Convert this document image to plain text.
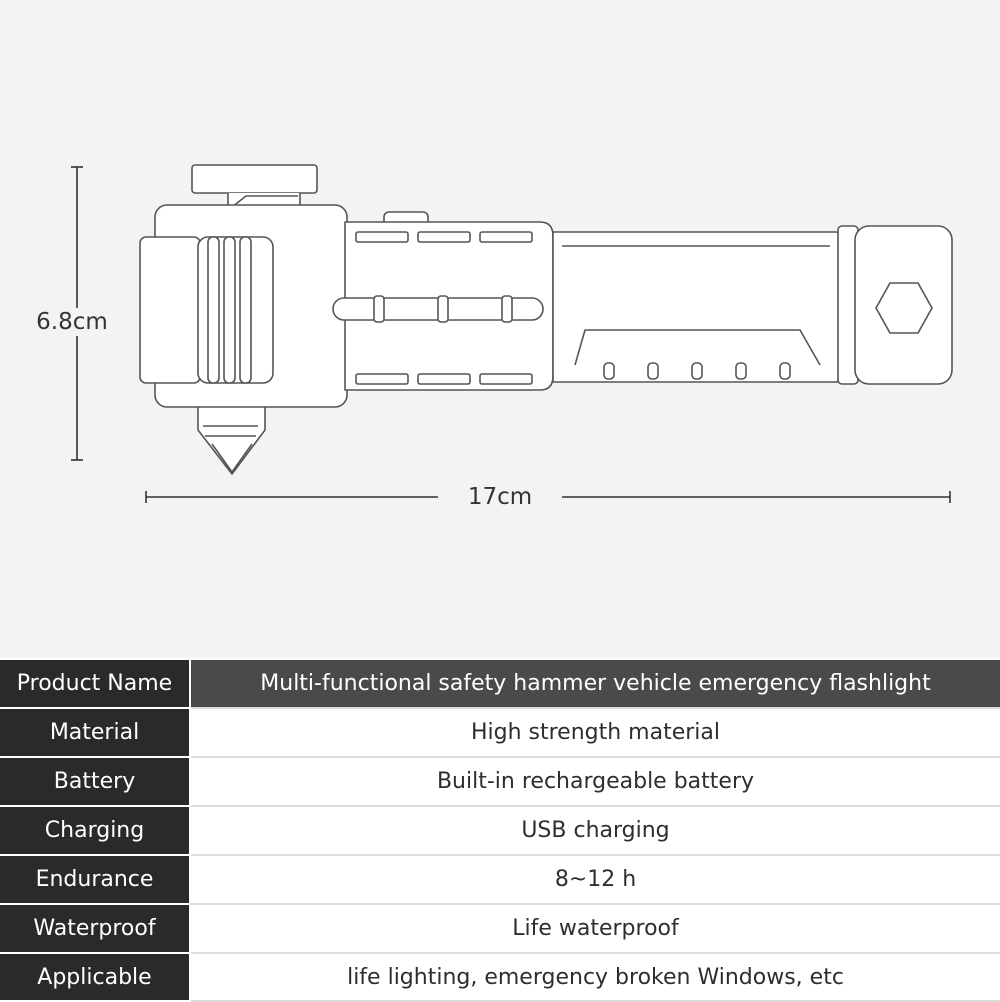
17cm
6.8cm
Product Name	Multi-functional safety hammer vehicle emergency flashlight
Material	High strength material
Battery	Built-in rechargeable battery
Charging	USB charging
Endurance	8~12 h
Waterproof	Life waterproof
Applicable	life lighting, emergency broken Windows, etc
